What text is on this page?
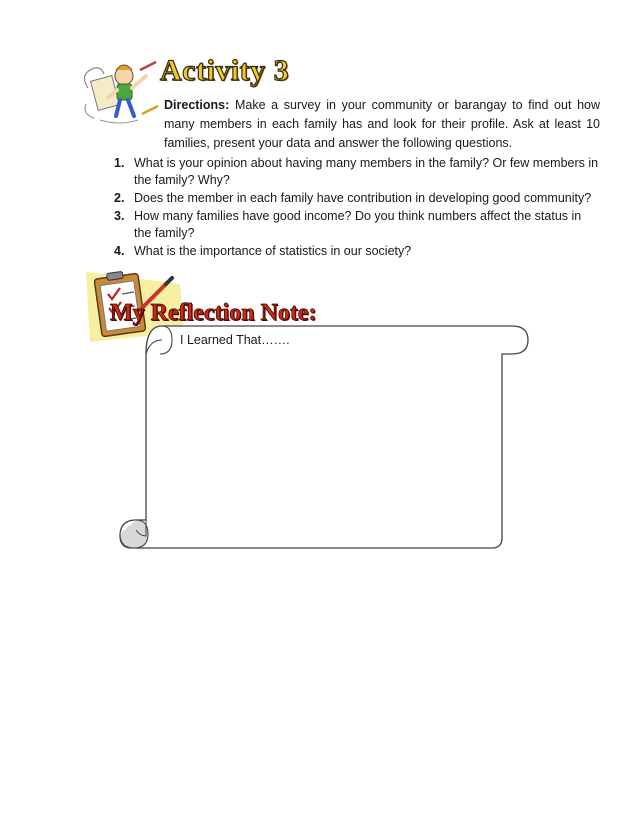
Activity 3

Directions: Make a survey in your community or barangay to find out how many members in each family has and look for their profile. Ask at least 10 families, present your data and answer the following questions.

1. What is your opinion about having many members in the family? Or few members in the family? Why?
2. Does the member in each family have contribution in developing good community?
3. How many families have good income? Do you think numbers affect the status in the family?
4. What is the importance of statistics in our society?
My Reflection Note:

I Learned That…….
